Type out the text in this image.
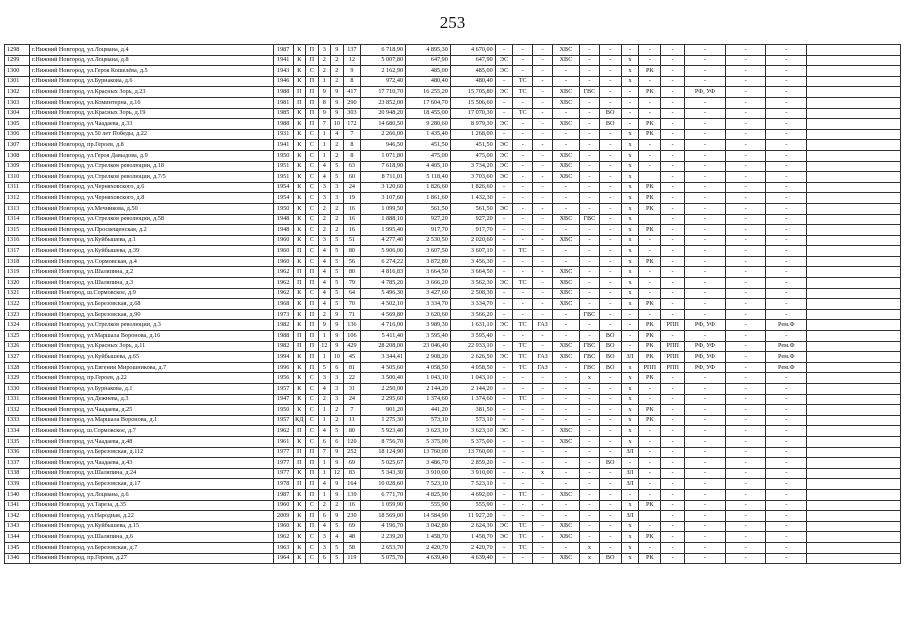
253
1298	г.Нижний Новгород, ул.Лоцмана, д.4	1987	К	П	3	9	137	6 718,90	4 895,30	4 670,00	-	-	-	ХВС	-	-	-	-	-	-	-	-	
1299	г.Нижний Новгород, ул.Лоцмана, д.8	1941	К	П	2	2	12	5 007,80	647,90	647,90	ЭС	-	-	ХВС	-	-	х	-	-	-	-	-	
1300	г.Нижний Новгород, ул.Героя Кошелёва, д.5	1943	К	С	2	2	9	2 162,90	485,00	485,00	ЭС	-	-	-	-	-	х	РК	-	-	-	-	
1301	г.Нижний Новгород, ул.Бурнакова, д.6	1946	К	П	1	2	8	972,40	480,40	480,40	-	ТС	-	-	-	-	х	-	-	-	-	-	
1302	г.Нижний Новгород, ул.Красных Зорь, д.23	1988	П	П	9	9	417	17 710,70	16 255,20	15 705,80	ЭС	ТС	-	ХВС	ГВС	-	-	РК	-	РФ, УФ	-	-	
1303	г.Нижний Новгород, ул.Коминтерна, д.16	1981	П	П	8	9	290	23 852,00	17 604,70	15 506,60	-	-	-	ХВС	-	-	-	-	-	-	-	-	
1304	г.Нижний Новгород, ул.Красных Зорь, д.19	1985	К	П	9	9	303	20 948,20	18 455,00	17 070,30	-	ТС	-	-	-	ВО	-	-	-	-	-	-	
1305	г.Нижний Новгород, ул.Чаадаева, д.33	1988	К	П	7	10	172	14 680,50	9 280,60	8 979,30	ЭС	-	-	ХВС	-	ВО	-	РК	-	-	-	-	
1306	г.Нижний Новгород, ул.50 лет Победы, д.22	1931	К	С	1	4	7	2 266,00	1 435,40	1 268,00	-	-	-	-	-	-	х	РК	-	-	-	-	
1307	г.Нижний Новгород, пр.Героев, д.8	1941	К	С	1	2	8	946,50	451,50	451,50	ЭС	-	-	-	-	-	х	-	-	-	-	-	
1308	г.Нижний Новгород, ул.Героя Давыдова, д.9	1950	К	С	1	2	8	1 071,80	475,00	475,00	ЭС	-	-	ХВС	-	-	х	-	-	-	-	-	
1309	г.Нижний Новгород, ул.Стрелков революции, д.18	1951	К	С	4	5	63	7 618,90	4 405,10	3 734,20	ЭС	-	-	ХВС	-	-	х	-	-	-	-	-	
1310	г.Нижний Новгород, ул.Стрелков революции, д.7/5	1951	К	С	4	5	60	8 711,01	5 118,40	3 703,60	ЭС	-	-	ХВС	-	-	х		-	-	-	-	
1311	г.Нижний Новгород, ул.Черняховского, д.6	1954	К	С	3	3	24	3 120,60	1 826,60	1 826,60	-	-	-	-	-	-	х	РК	-	-	-	-	
1312	г.Нижний Новгород, ул.Черняховского, д.8	1954	К	С	3	3	19	3 107,60	1 861,60	1 432,30	-	-	-	-	-	-	х	РК	-	-	-	-	
1313	г.Нижний Новгород, ул.Мечникова, д.50	1950	К	С	2	2	16	1 099,50	561,50	561,50	ЭС	-	-	-	-	-	х	РК	-	-	-	-	
1314	г.Нижний Новгород, ул.Стрелков революции, д.58	1948	К	С	2	2	16	1 888,10	927,20	927,20	-	-	-	ХВС	ГВС	-	х		-	-	-	-	
1315	г.Нижний Новгород, ул.Просвещенская, д.2	1948	К	С	2	2	16	1 995,40	917,70	917,70	-	-	-	-	-	-	х	РК	-	-	-	-	
1316	г.Нижний Новгород, ул.Куйбышева, д.1	1960	К	С	3	5	51	4 277,40	2 530,50	2 020,60	-	-	-	ХВС	-	-	х	-	-	-	-	-	
1317	г.Нижний Новгород, ул.Куйбышева, д.39	1960	П	С	4	5	80	5 906,00	3 607,50	3 607,10	-	ТС	-	-	-	-	х	-	-	-	-	-	
1318	г.Нижний Новгород, ул.Сормовская, д.4	1960	К	С	4	5	56	6 274,22	3 872,80	3 456,30	-	-	-	-	-	-	х	РК	-	-	-	-	
1319	г.Нижний Новгород, ул.Шаляпина, д.2	1962	П	П	4	5	80	4 816,83	3 664,50	3 664,50	-	-	-	ХВС	-	-	х	-	-	-	-	-	
1320	г.Нижний Новгород, ул.Шаляпина, д.3	1962	П	П	4	5	79	4 785,20	3 666,20	3 562,30	ЭС	ТС	-	ХВС	-	-	х	-	-	-	-	-	
1321	г.Нижний Новгород, ш.Сормовское, д.9	1962	К	С	4	5	64	5 496,30	3 427,60	2 508,30	-	-	-	ХВС	-	-	х	-	-	-	-	-	
1322	г.Нижний Новгород, ул.Березовская, д.68	1968	К	П	4	5	70	4 502,10	3 334,70	3 334,70	-	-	-	ХВС	-	-	х	РК	-	-	-	-	
1323	г.Нижний Новгород, ул.Березовская, д.90	1973	К	П	2	9	71	4 569,80	3 620,60	3 566,20	-	-	-	-	ГВС	-	-	-	-	-	-	-	
1324	г.Нижний Новгород, ул.Стрелков революции, д.3	1982	К	П	9	9	136	4 716,00	3 989,30	1 631,10	ЭС	ТС	ГАЗ	-	-	-	-	РК	РПП	РФ, УФ	-	Рем.Ф	
1325	г.Нижний Новгород, ул.Маршала Воронова, д.16	1988	П	П	1	9	106	5 411,40	3 595,40	3 595,40	-	-	-	-	-	ВО	-	РК	-	-	-	-	
1326	г.Нижний Новгород, ул.Красных Зорь, д.11	1982	П	П	12	9	429	28 208,00	23 046,40	22 933,10	-	ТС	-	ХВС	ГВС	ВО	-	РК	РПП	РФ, УФ	-	Рем.Ф	
1327	г.Нижний Новгород, ул.Куйбышева, д.65	1994	К	П	1	10	45	3 344,41	2 908,20	2 626,50	ЭС	ТС	ГАЗ	ХВС	ГВС	ВО	ЗЛ	РК	РПП	РФ, УФ	-	Рем.Ф	
1328	г.Нижний Новгород, ул.Евгения Мирошникова, д.7	1996	К	П	5	6	81	4 505,60	4 058,50	4 058,50	-	ТС	ГАЗ	-	ГВС	ВО	х	РПП	РПП	РФ, УФ	-	Рем.Ф	
1329	г.Нижний Новгород, пр.Героев, д.22	1956	К	С	3	3	22	3 500,40	1 043,10	1 043,10	-	-	-	-	х	-	х	РК	-	-	-	-	
1330	г.Нижний Новгород, ул.Бурнакова, д.1	1957	К	С	4	3	31	2 250,00	2 144,20	2 144,20	-	-	-	-	-	-	х	-	-	-	-	-	
1331	г.Нижний Новгород, ул.Дежнева, д.3	1947	К	С	2	3	24	2 295,60	1 374,60	1 374,60	-	ТС	-	-	-	-	х	-	-	-	-	-	
1332	г.Нижний Новгород, ул.Чаадаева, д.25	1950	К	С	1	2	7	901,20	441,20	381,50	-	-	-	-	-	-	х	РК	-	-	-	-	
1333	г.Нижний Новгород, ул.Маршала Воронова, д.1	1957	КД	С	1	2	11	1 275,30	573,10	573,10	-	-	-	-	-	-	х	РК	-	-	-	-	
1334	г.Нижний Новгород, ш.Сормовское, д.7	1962	П	С	4	5	80	5 923,40	3 623,10	3 623,10	ЭС	-	-	ХВС	-	-	х	-	-	-	-	-	
1335	г.Нижний Новгород, ул.Чаадаева, д.48	1961	К	С	6	6	120	8 756,70	5 375,00	5 375,00	-	-	-	ХВС	-	-	х	-	-	-	-	-	
1336	г.Нижний Новгород, ул.Березовская, д.112	1977	П	П	7	9	252	18 124,90	13 760,00	13 760,00	-	-	-	-	-	-	ЗЛ	-	-	-	-	-	
1337	г.Нижний Новгород, ул.Чаадаева, д.43	1977	П	П	1	9	69	5 025,67	3 486,70	2 859,20	-	-	-	-	-	ВО	-	-	-	-	-	-	
1338	г.Нижний Новгород, ул.Шаляпина, д.24	1977	К	П	1	12	83	5 343,30	3 910,00	3 910,00	-	-	х	-	-	-	ЗЛ	-	-	-	-	-	
1339	г.Нижний Новгород, ул.Березовская, д.17	1978	П	П	4	9	164	10 028,60	7 523,10	7 523,10	-	-	-	-	-	-	ЗЛ	-	-	-	-	-	
1340	г.Нижний Новгород, ул.Лоцмана, д.6	1987	К	П	1	9	139	6 771,70	4 825,90	4 692,00	-	ТС	-	ХВС	-	-	-	-	-	-	-	-	
1341	г.Нижний Новгород, ул.Тареза, д.35	1960	К	С	2	2	16	1 059,90	555,90	555,90	-	-	-	-	-	-	х	РК	-	-	-	-	
1342	г.Нижний Новгород, ул.Народная, д.22	2009	К	П	6	9	230	18 569,00	14 584,90	11 927,20	-	-	-	-	-	-	ЗЛ		-	-	-	-	
1343	г.Нижний Новгород, ул.Куйбышева, д.15	1960	К	П	4	5	69	4 196,70	3 042,80	2 624,30	ЭС	ТС	-	ХВС	-	-	х	-	-	-	-	-	
1344	г.Нижний Новгород, ул.Шаляпина, д.6	1962	К	С	3	4	48	2 239,20	1 458,70	1 458,70	ЭС	ТС	-	ХВС	-	-	х	РК	-	-	-	-	
1345	г.Нижний Новгород, ул.Березовская, д.7	1963	К	С	3	5	58	2 653,70	2 420,70	2 420,70	-	ТС	-	-	х	-	х	-	-	-	-	-	
1346	г.Нижний Новгород, пр.Героев, д.27	1964	К	С	6	5	119	5 075,70	4 639,40	4 639,40	-	-	-	ХВС	х	ВО	х	РК	-	-	-	-	
